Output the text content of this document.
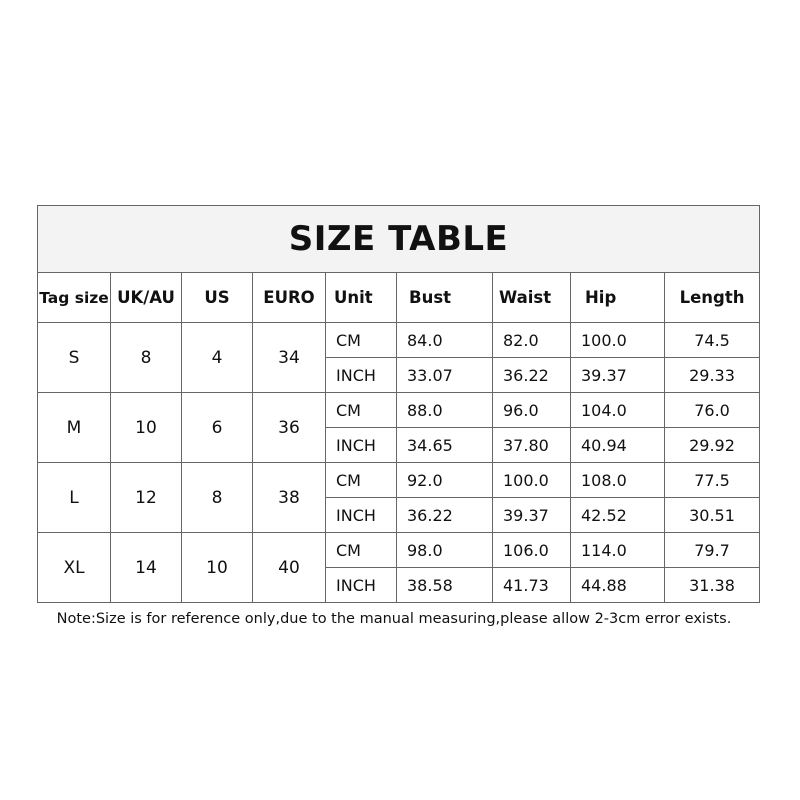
SIZE TABLE								
Tag size	UK/AU	US	EURO	Unit	Bust	Waist	Hip	Length
S	8	4	34	CM	84.0	82.0	100.0	74.5
				INCH	33.07	36.22	39.37	29.33
M	10	6	36	CM	88.0	96.0	104.0	76.0
				INCH	34.65	37.80	40.94	29.92
L	12	8	38	CM	92.0	100.0	108.0	77.5
				INCH	36.22	39.37	42.52	30.51
XL	14	10	40	CM	98.0	106.0	114.0	79.7
				INCH	38.58	41.73	44.88	31.38
Note:Size is for reference only,due to the manual measuring,please allow 2-3cm error exists.
